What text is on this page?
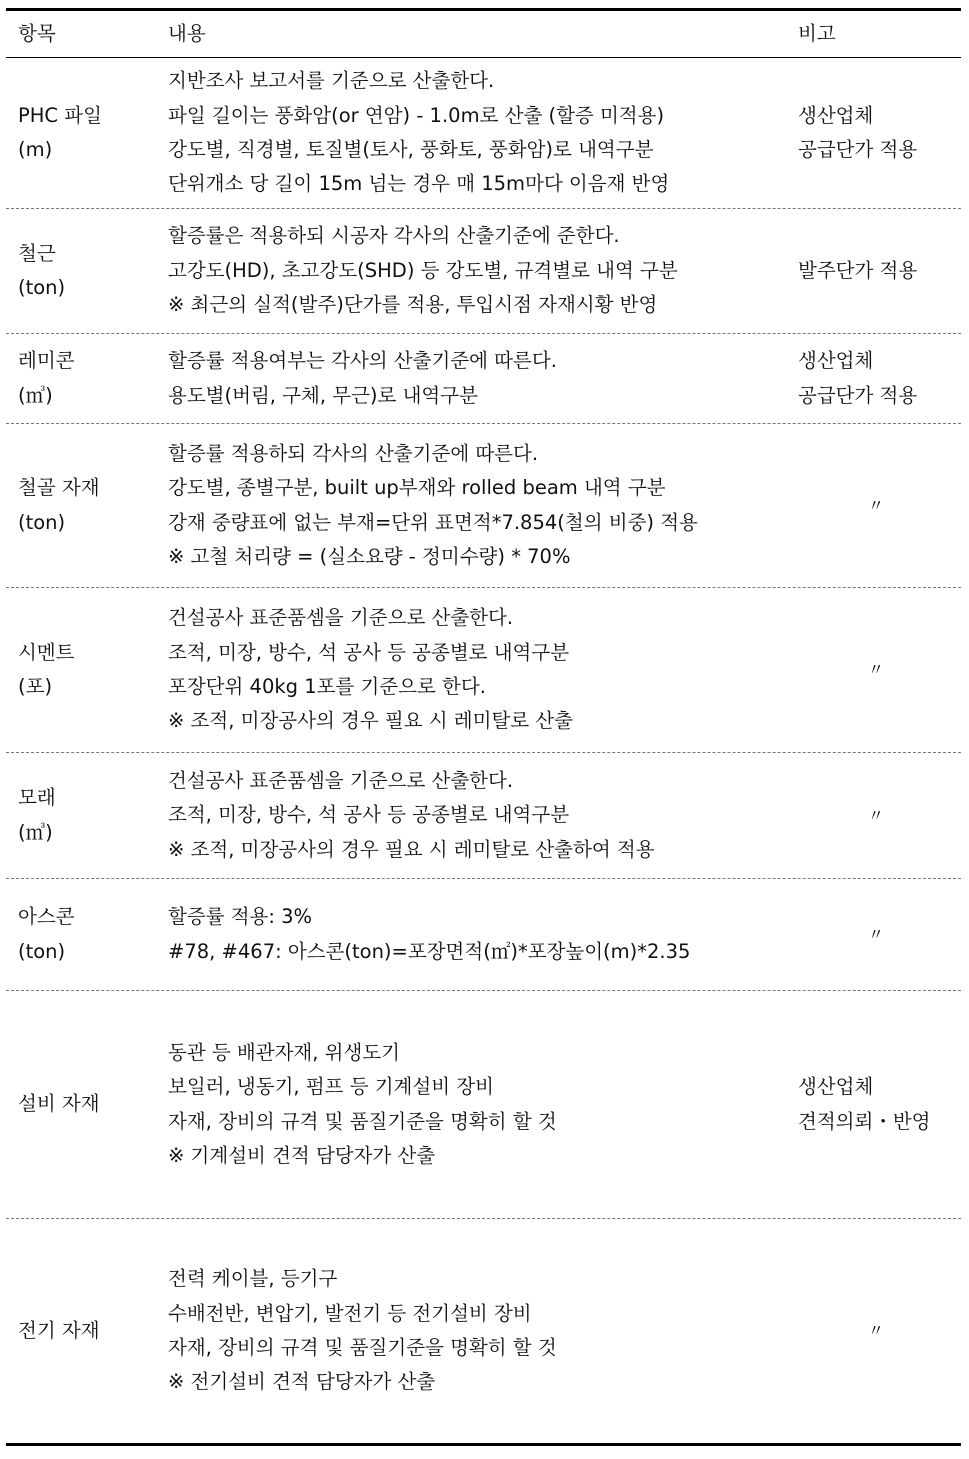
항목	내용	비고
PHC 파일
(m)
지반조사 보고서를 기준으로 산출한다.
파일 길이는 풍화암(or 연암) - 1.0m로 산출 (할증 미적용)
강도별, 직경별, 토질별(토사, 풍화토, 풍화암)로 내역구분
단위개소 당 길이 15m 넘는 경우 매 15m마다 이음재 반영
생산업체
공급단가 적용
철근
(ton)
할증률은 적용하되 시공자 각사의 산출기준에 준한다.
고강도(HD), 초고강도(SHD) 등 강도별, 규격별로 내역 구분
※ 최근의 실적(발주)단가를 적용, 투입시점 자재시황 반영
발주단가 적용
레미콘
(㎥)
할증률 적용여부는 각사의 산출기준에 따른다.
용도별(버림, 구체, 무근)로 내역구분
생산업체
공급단가 적용
철골 자재
(ton)
할증률 적용하되 각사의 산출기준에 따른다.
강도별, 종별구분, built up부재와 rolled beam 내역 구분
강재 중량표에 없는 부재=단위 표면적*7.854(철의 비중) 적용
※ 고철 처리량 = (실소요량 - 정미수량) * 70%
〃
시멘트
(포)
건설공사 표준품셈을 기준으로 산출한다.
조적, 미장, 방수, 석 공사 등 공종별로 내역구분
포장단위 40kg 1포를 기준으로 한다.
※ 조적, 미장공사의 경우 필요 시 레미탈로 산출
〃
모래
(㎥)
건설공사 표준품셈을 기준으로 산출한다.
조적, 미장, 방수, 석 공사 등 공종별로 내역구분
※ 조적, 미장공사의 경우 필요 시 레미탈로 산출하여 적용
〃
아스콘
(ton)
할증률 적용: 3%
#78, #467: 아스콘(ton)=포장면적(㎡)*포장높이(m)*2.35
〃
설비 자재
동관 등 배관자재, 위생도기
보일러, 냉동기, 펌프 등 기계설비 장비
자재, 장비의 규격 및 품질기준을 명확히 할 것
※ 기계설비 견적 담당자가 산출
생산업체
견적의뢰・반영
전기 자재
전력 케이블, 등기구
수배전반, 변압기, 발전기 등 전기설비 장비
자재, 장비의 규격 및 품질기준을 명확히 할 것
※ 전기설비 견적 담당자가 산출
〃
